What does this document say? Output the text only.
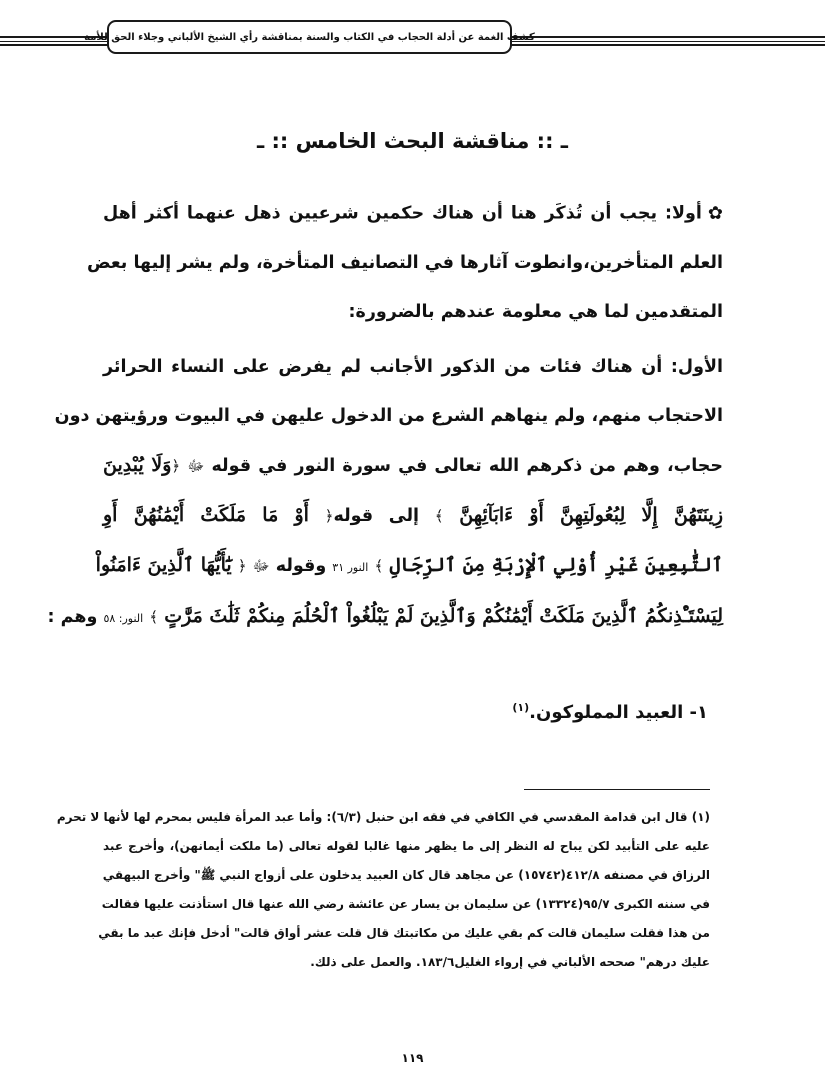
كشف الغمة عن أدلة الحجاب في الكتاب والسنة بمناقشة رأي الشيخ الألباني وجلاء الحق للأمة
ـ :: مناقشة البحث الخامس :: ـ
✿أولا: يجب أن تُذكَر هنا أن هناك حكمين شرعيين ذهل عنهما أكثر أهل
العلم المتأخرين،وانطوت آثارها في التصانيف المتأخرة، ولم يشر إليها بعض
المتقدمين لما هي معلومة عندهم بالضرورة:
الأول: أن هناك فئات من الذكور الأجانب لم يفرض على النساء الحرائر
الاحتجاب منهم، ولم ينهاهم الشرع من الدخول عليهن في البيوت ورؤيتهن دون
حجاب، وهم من ذكرهم الله تعالى في سورة النور في قوله ﷻ ﴿وَلَا يُبْدِينَ
زِينَتَهُنَّ إِلَّا لِبُعُولَتِهِنَّ أَوْ ءَابَآئِهِنَّ ﴾ إلى قوله﴿ أَوْ مَا مَلَكَتْ أَيْمَٰنُهُنَّ أَوِ
ٱلتَّٰبِعِينَ غَيْرِ أُوْلِي ٱلْإِرْبَةِ مِنَ ٱلرِّجَالِ ﴾ النور ٣١ وقوله ﷻ ﴿ يَٰٓأَيُّهَا ٱلَّذِينَ ءَامَنُواْ
لِيَسْتَـْٔذِنكُمُ ٱلَّذِينَ مَلَكَتْ أَيْمَٰنُكُمْ وَٱلَّذِينَ لَمْ يَبْلُغُواْ ٱلْحُلُمَ مِنكُمْ ثَلَٰثَ مَرَّٰتٍ ﴾ النور: ٥٨ وهم :
١- العبيد المملوكون.$^{(١)}$
(١) قال ابن قدامة المقدسي في الكافي في فقه ابن حنبل (٦/٣): وأما عبد المرأة فليس بمحرم لها لأنها لا تحرم
عليه على التأبيد لكن يباح له النظر إلى ما يظهر منها غالبا لقوله تعالى (ما ملكت أيمانهن)، وأخرج عبد
الرزاق في مصنفه ٤١٢/٨(١٥٧٤٢) عن مجاهد قال كان العبيد يدخلون على أزواج النبي ﷺ" وأخرج البيهقي
في سننه الكبرى ٩٥/٧(١٣٣٢٤) عن سليمان بن يسار عن عائشة رضي الله عنها قال استأذنت عليها فقالت
من هذا فقلت سليمان قالت كم بقي عليك من مكاتبتك قال قلت عشر أواق قالت" أدخل فإنك عبد ما بقي
عليك درهم" صححه الألباني في إرواء الغليل١٨٣/٦. والعمل على ذلك.
١١٩
